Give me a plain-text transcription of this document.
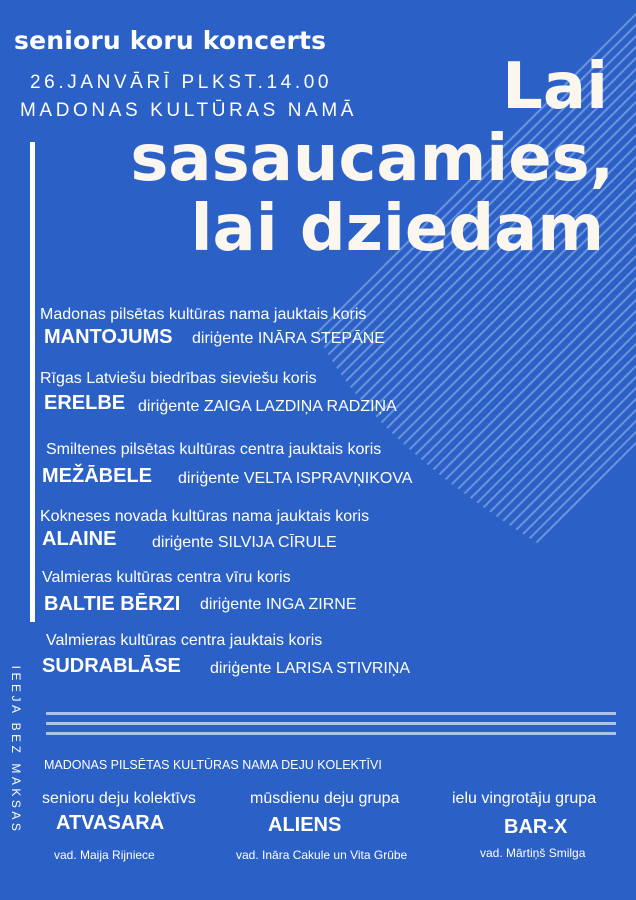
senioru koru koncerts
26.JANVĀRĪ PLKST.14.00
MADONAS KULTŪRAS NAMĀ Lai
sasaucamies,
lai dziedam
IEEJA BEZ MAKSAS
Madonas pilsētas kultūras nama jauktais koris
MANTOJUMS diriģente INĀRA STEPĀNE
Rīgas Latviešu biedrības sieviešu koris
ERELBE diriģente ZAIGA LAZDIŅA RADZIŅA
Smiltenes pilsētas kultūras centra jauktais koris
MEŽĀBELE diriģente VELTA ISPRAVŅIKOVA
Kokneses novada kultūras nama jauktais koris
ALAINE diriģente SILVIJA CĪRULE
Valmieras kultūras centra vīru koris
BALTIE BĒRZI diriģente INGA ZIRNE
Valmieras kultūras centra jauktais koris
SUDRABLĀSE diriģente LARISA STIVRIŅA
MADONAS PILSĒTAS KULTŪRAS NAMA DEJU KOLEKTĪVI
senioru deju kolektīvs
ATVASARA
vad. Maija Rijniece
mūsdienu deju grupa
ALIENS
vad. Ināra Cakule un Vita Grūbe
ielu vingrotāju grupa
BAR-X
vad. Mārtiņš Smilga
